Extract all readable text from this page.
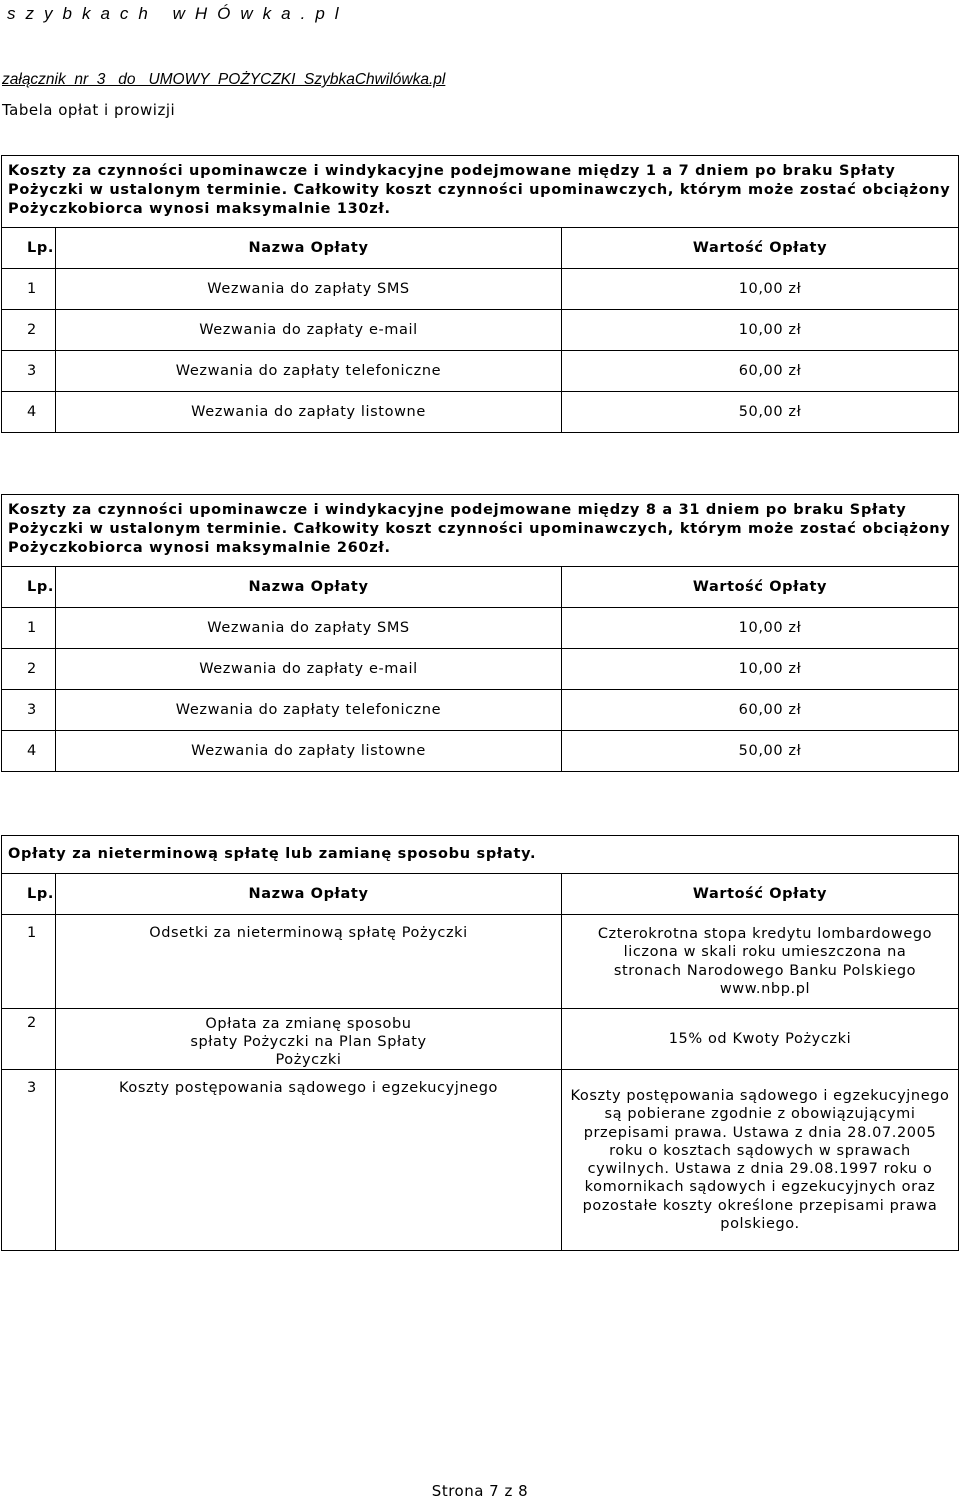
szybkach wHÓwka.pl
załącznik  nr  3   do   UMOWY  POŻYCZKI  SzybkaChwilówka.pl
Tabela opłat i prowizji
Koszty za czynności upominawcze i windykacyjne podejmowane między 1 a 7 dniem po braku Spłaty Pożyczki w ustalonym terminie. Całkowity koszt czynności upominawczych, którym może zostać obciążony Pożyczkobiorca wynosi maksymalnie 130zł.		
Lp.	Nazwa Opłaty	Wartość Opłaty
1	Wezwania do zapłaty SMS	10,00 zł
2	Wezwania do zapłaty e-mail	10,00 zł
3	Wezwania do zapłaty telefoniczne	60,00 zł
4	Wezwania do zapłaty listowne	50,00 zł
Koszty za czynności upominawcze i windykacyjne podejmowane między 8 a 31 dniem po braku Spłaty Pożyczki w ustalonym terminie. Całkowity koszt czynności upominawczych, którym może zostać obciążony Pożyczkobiorca wynosi maksymalnie 260zł.		
Lp.	Nazwa Opłaty	Wartość Opłaty
1	Wezwania do zapłaty SMS	10,00 zł
2	Wezwania do zapłaty e-mail	10,00 zł
3	Wezwania do zapłaty telefoniczne	60,00 zł
4	Wezwania do zapłaty listowne	50,00 zł
Opłaty za nieterminową spłatę lub zamianę sposobu spłaty.		
Lp.	Nazwa Opłaty	Wartość Opłaty
1	Odsetki za nieterminową spłatę Pożyczki	Czterokrotna stopa kredytu lombardowego liczona w skali roku umieszczona na stronach Narodowego Banku Polskiego www.nbp.pl
2	Opłata za zmianę sposobu spłaty Pożyczki na Plan Spłaty Pożyczki	15% od Kwoty Pożyczki
3	Koszty postępowania sądowego i egzekucyjnego	Koszty postępowania sądowego i egzekucyjnego są pobierane zgodnie z obowiązującymi przepisami prawa. Ustawa z dnia 28.07.2005 roku o kosztach sądowych w sprawach cywilnych. Ustawa z dnia 29.08.1997 roku o komornikach sądowych i egzekucyjnych oraz pozostałe koszty określone przepisami prawa polskiego.
Strona 7 z 8
